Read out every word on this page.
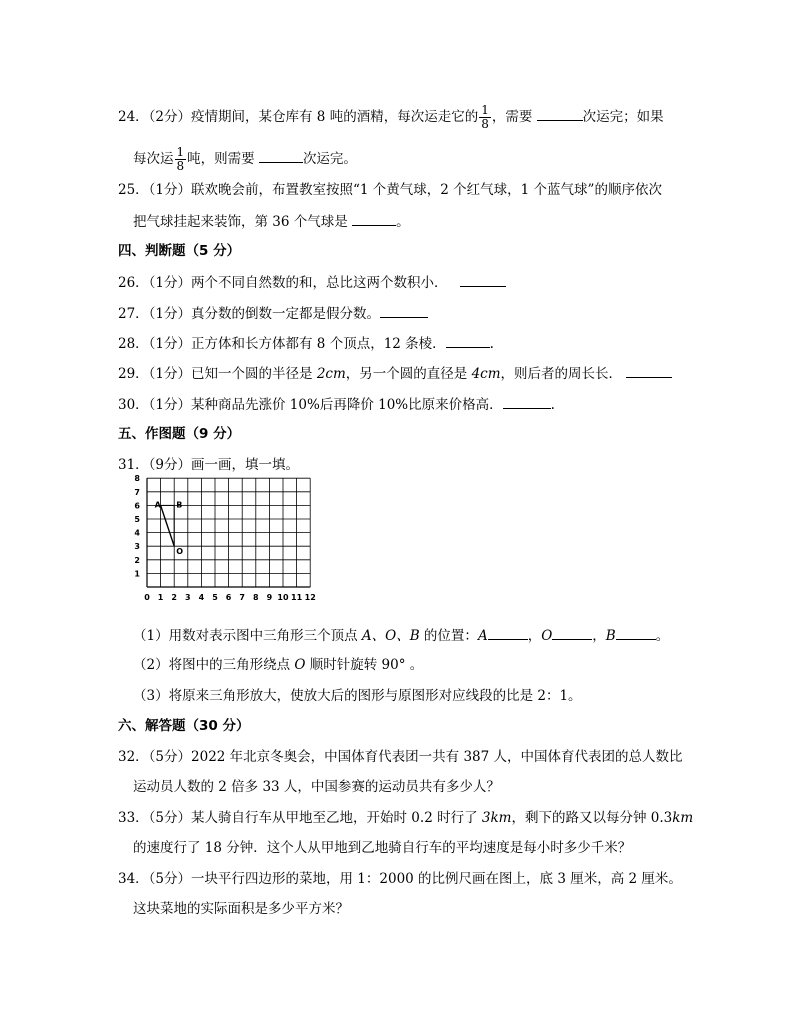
24．（2分）疫情期间，某仓库有 8 吨的酒精，每次运走它的 $\frac{1}{8}$ ，需要	次运完；如果
每次运 $\frac{1}{8}$ 吨，则需要	次运完。
25．（1分）联欢晚会前，布置教室按照“1 个黄气球，2 个红气球，1 个蓝气球”的顺序依次
把气球挂起来装饰，第 36 个气球是	。
四、判断题（5 分）
26．（1分）两个不同自然数的和，总比这两个数积小．
27．（1分）真分数的倒数一定都是假分数。
28．（1分）正方体和长方体都有 8 个顶点，12 条棱．	.
29．（1分）已知一个圆的半径是 2cm，另一个圆的直径是 4cm，则后者的周长长．
30．（1分）某种商品先涨价 10%后再降价 10%比原来价格高．	.
五、作图题（9 分）
31．（9分）画一画，填一填。
0 1 2 3 4 5 6 7 8 9 10 11 12
1
2
3
4
5
6
7
8
A B
O
（1）用数对表示图中三角形三个顶点 A、O、B 的位置：A	，O	，B	。
（2）将图中的三角形绕点 O 顺时针旋转 90° 。
（3）将原来三角形放大，使放大后的图形与原图形对应线段的比是 2：1。
六、解答题（30 分）
32．（5分）2022 年北京冬奥会，中国体育代表团一共有 387 人，中国体育代表团的总人数比
运动员人数的 2 倍多 33 人，中国参赛的运动员共有多少人？
33．（5分）某人骑自行车从甲地至乙地，开始时 0.2 时行了 3km，剩下的路又以每分钟 0.3km
的速度行了 18 分钟．这个人从甲地到乙地骑自行车的平均速度是每小时多少千米？
34．（5分）一块平行四边形的菜地，用 1：2000 的比例尺画在图上，底 3 厘米，高 2 厘米。
这块菜地的实际面积是多少平方米？
